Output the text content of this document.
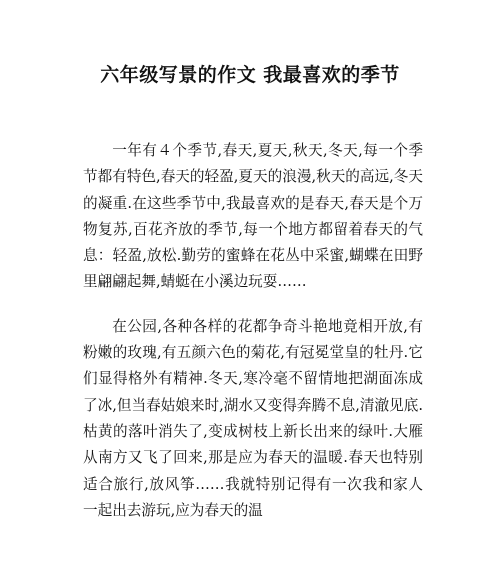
六年级写景的作文 我最喜欢的季节

一年有４个季节,春天,夏天,秋天,冬天,每一个季节都有特色,春天的轻盈,夏天的浪漫,秋天的高远,冬天的凝重.在这些季节中,我最喜欢的是春天,春天是个万物复苏,百花齐放的季节,每一个地方都留着春天的气息：轻盈,放松.勤劳的蜜蜂在花丛中采蜜,蝴蝶在田野里翩翩起舞,蜻蜓在小溪边玩耍……

在公园,各种各样的花都争奇斗艳地竟相开放,有粉嫩的玫瑰,有五颜六色的菊花,有冠冕堂皇的牡丹.它们显得格外有精神.冬天,寒冷毫不留情地把湖面冻成了冰,但当春姑娘来时,湖水又变得奔腾不息,清澈见底.枯黄的落叶消失了,变成树枝上新长出来的绿叶.大雁从南方又飞了回来,那是应为春天的温暖.春天也特别适合旅行,放风筝……我就特别记得有一次我和家人一起出去游玩,应为春天的温
